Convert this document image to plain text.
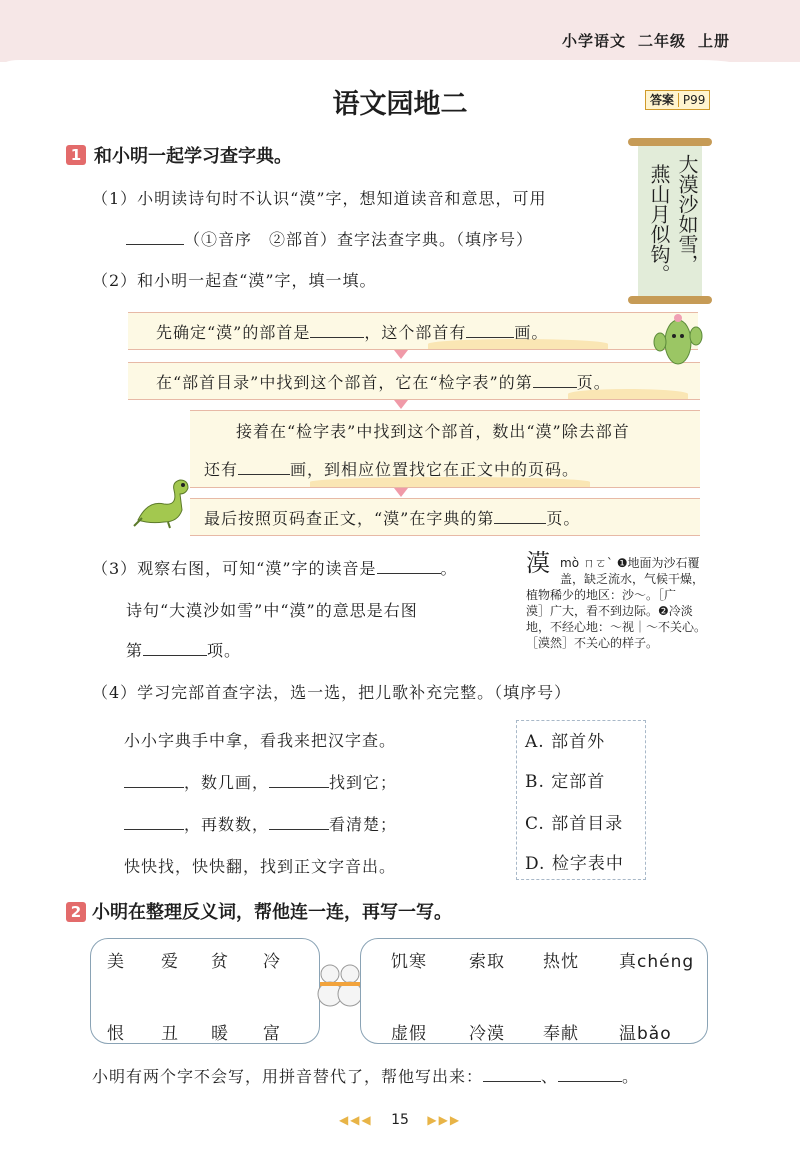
小学语文 二年级 上册
语文园地二	答案 P99
1 和小明一起学习查字典。	大漠沙如雪，
燕山月似钩。
（1）小明读诗句时不认识“漠”字，想知道读音和意思，可用
（①音序　②部首）查字法查字典。（填序号）
（2）和小明一起查“漠”字，填一填。
先确定“漠”的部首是	，这个部首有	画。
在“部首目录”中找到这个部首，它在“检字表”的第	页。
接着在“检字表”中找到这个部首，数出“漠”除去部首
还有	画，到相应位置找它在正文中的页码。
最后按照页码查正文，“漠”在字典的第	页。
（3）观察右图，可知“漠”字的读音是	。
诗句“大漠沙如雪”中“漠”的意思是右图
第	项。
漠 mò ㄇㄛˋ ❶地面为沙石覆
盖，缺乏流水，气候干燥，
植物稀少的地区：沙～。［广
漠］广大，看不到边际。❷冷淡
地，不经心地：～视｜～不关心。
［漠然］不关心的样子。
（4）学习完部首查字法，选一选，把儿歌补充完整。（填序号）
小小字典手中拿，看我来把汉字查。
，数几画，	找到它；
，再数数，	看清楚；
快快找，快快翻，找到正文字音出。
A. 部首外
B. 定部首
C. 部首目录
D. 检字表中
2 小明在整理反义词，帮他连一连，再写一写。
美 爱 贫 冷
恨 丑 暖 富
饥寒 索取 热忱 真chéng
虚假 冷漠 奉献 温bǎo
小明有两个字不会写，用拼音替代了，帮他写出来：	、	。
◀◀◀ 15 ▶▶▶
